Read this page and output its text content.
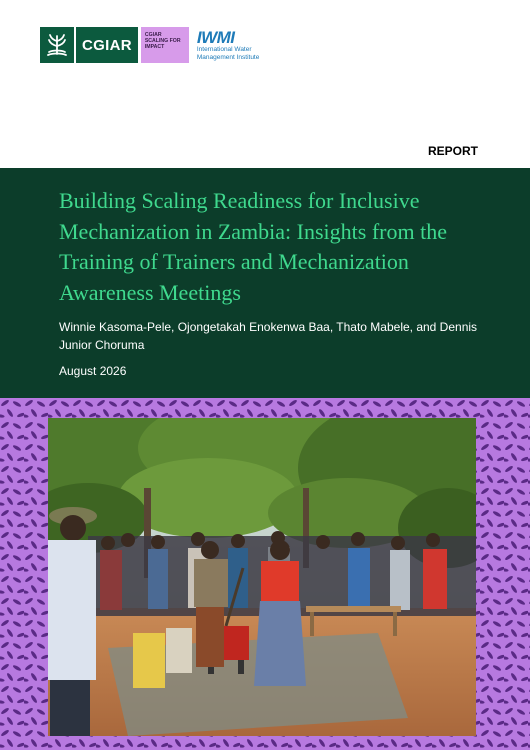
CGIAR
CGIAR
SCALING FOR
IMPACT	IWMI
International Water
Management Institute
REPORT
Building Scaling Readiness for Inclusive Mechanization in Zambia: Insights from the Training of Trainers and Mechanization Awareness Meetings
Winnie Kasoma-Pele, Ojongetakah Enokenwa Baa, Thato Mabele, and Dennis Junior Choruma
August 2026
